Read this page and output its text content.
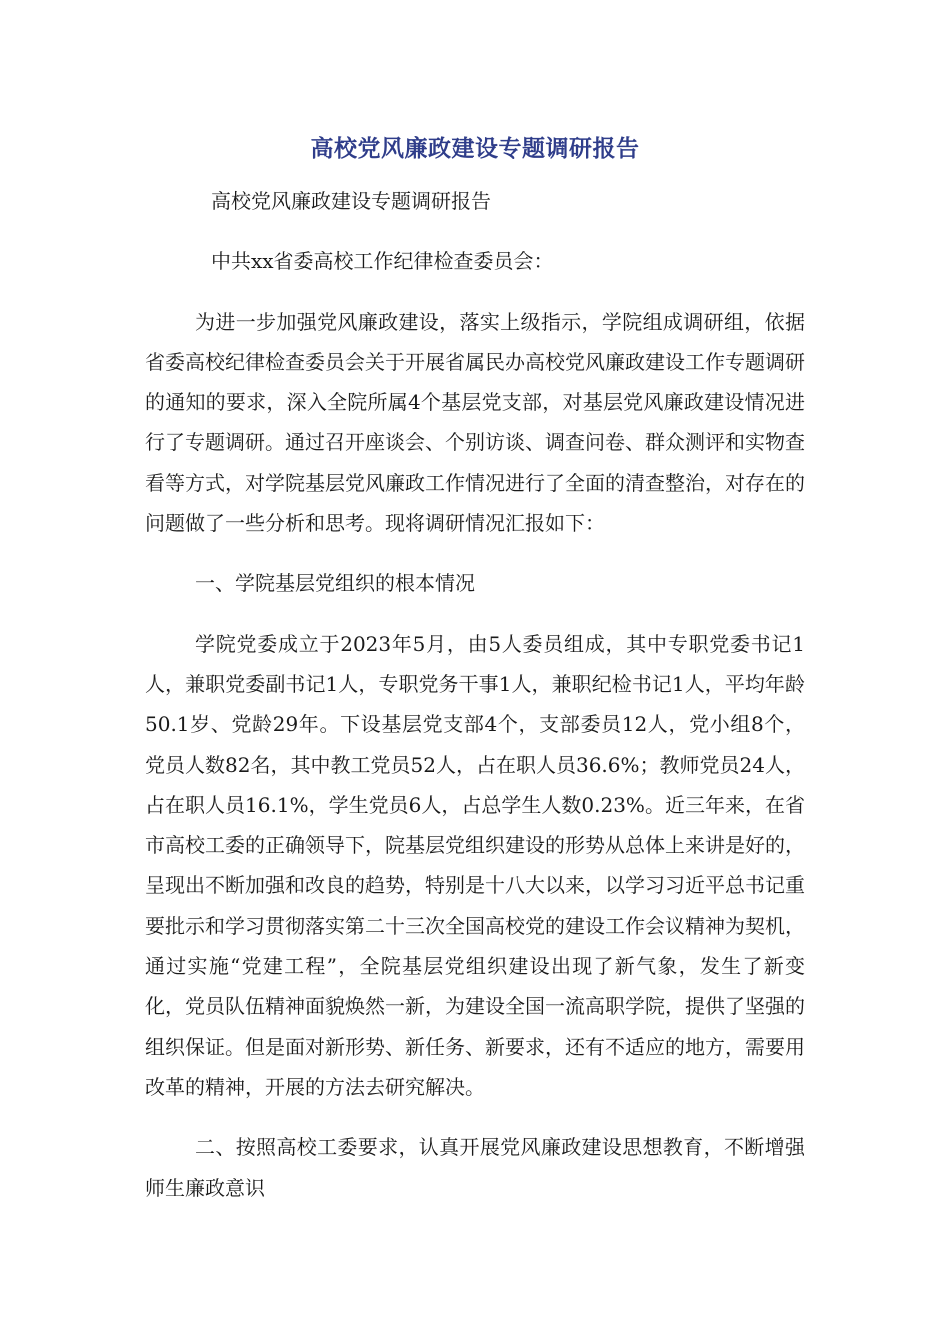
高校党风廉政建设专题调研报告

高校党风廉政建设专题调研报告

中共xx省委高校工作纪律检查委员会：

为进一步加强党风廉政建设，落实上级指示，学院组成调研组，依据省委高校纪律检查委员会关于开展省属民办高校党风廉政建设工作专题调研的通知的要求，深入全院所属4个基层党支部，对基层党风廉政建设情况进行了专题调研。通过召开座谈会、个别访谈、调查问卷、群众测评和实物查看等方式，对学院基层党风廉政工作情况进行了全面的清查整治，对存在的问题做了一些分析和思考。现将调研情况汇报如下：

一、学院基层党组织的根本情况

学院党委成立于2023年5月，由5人委员组成，其中专职党委书记1人，兼职党委副书记1人，专职党务干事1人，兼职纪检书记1人，平均年龄50.1岁、党龄29年。下设基层党支部4个，支部委员12人，党小组8个，党员人数82名，其中教工党员52人，占在职人员36.6%；教师党员24人，占在职人员16.1%，学生党员6人，占总学生人数0.23%。近三年来，在省市高校工委的正确领导下，院基层党组织建设的形势从总体上来讲是好的，呈现出不断加强和改良的趋势，特别是十八大以来，以学习习近平总书记重要批示和学习贯彻落实第二十三次全国高校党的建设工作会议精神为契机，通过实施“党建工程”，全院基层党组织建设出现了新气象，发生了新变化，党员队伍精神面貌焕然一新，为建设全国一流高职学院，提供了坚强的组织保证。但是面对新形势、新任务、新要求，还有不适应的地方，需要用改革的精神，开展的方法去研究解决。

二、按照高校工委要求，认真开展党风廉政建设思想教育，不断增强师生廉政意识
